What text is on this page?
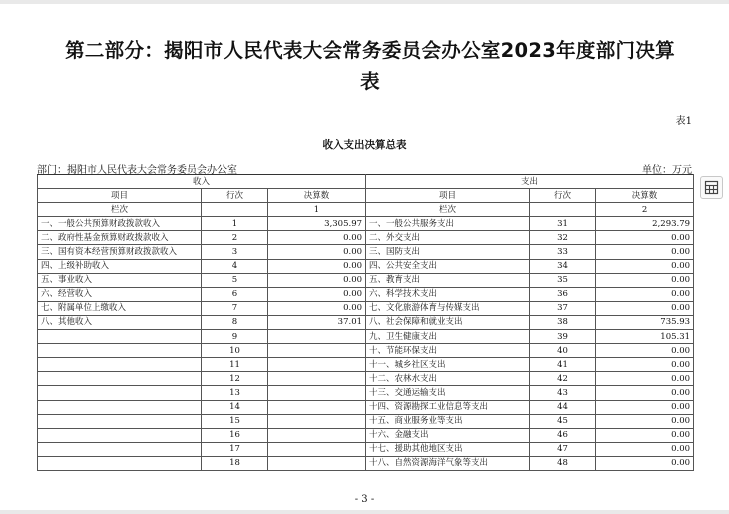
第二部分：揭阳市人民代表大会常务委员会办公室2023年度部门决算
表
表1
收入支出决算总表
部门：揭阳市人民代表大会常务委员会办公室	单位：万元
收入			支出		
项目	行次	决算数	项目	行次	决算数
栏次		1	栏次		2
一、一般公共预算财政拨款收入	1	3,305.97	一、一般公共服务支出	31	2,293.79
二、政府性基金预算财政拨款收入	2	0.00	二、外交支出	32	0.00
三、国有资本经营预算财政拨款收入	3	0.00	三、国防支出	33	0.00
四、上级补助收入	4	0.00	四、公共安全支出	34	0.00
五、事业收入	5	0.00	五、教育支出	35	0.00
六、经营收入	6	0.00	六、科学技术支出	36	0.00
七、附属单位上缴收入	7	0.00	七、文化旅游体育与传媒支出	37	0.00
八、其他收入	8	37.01	八、社会保障和就业支出	38	735.93
	9		九、卫生健康支出	39	105.31
	10		十、节能环保支出	40	0.00
	11		十一、城乡社区支出	41	0.00
	12		十二、农林水支出	42	0.00
	13		十三、交通运输支出	43	0.00
	14		十四、资源勘探工业信息等支出	44	0.00
	15		十五、商业服务业等支出	45	0.00
	16		十六、金融支出	46	0.00
	17		十七、援助其他地区支出	47	0.00
	18		十八、自然资源海洋气象等支出	48	0.00
- 3 -
